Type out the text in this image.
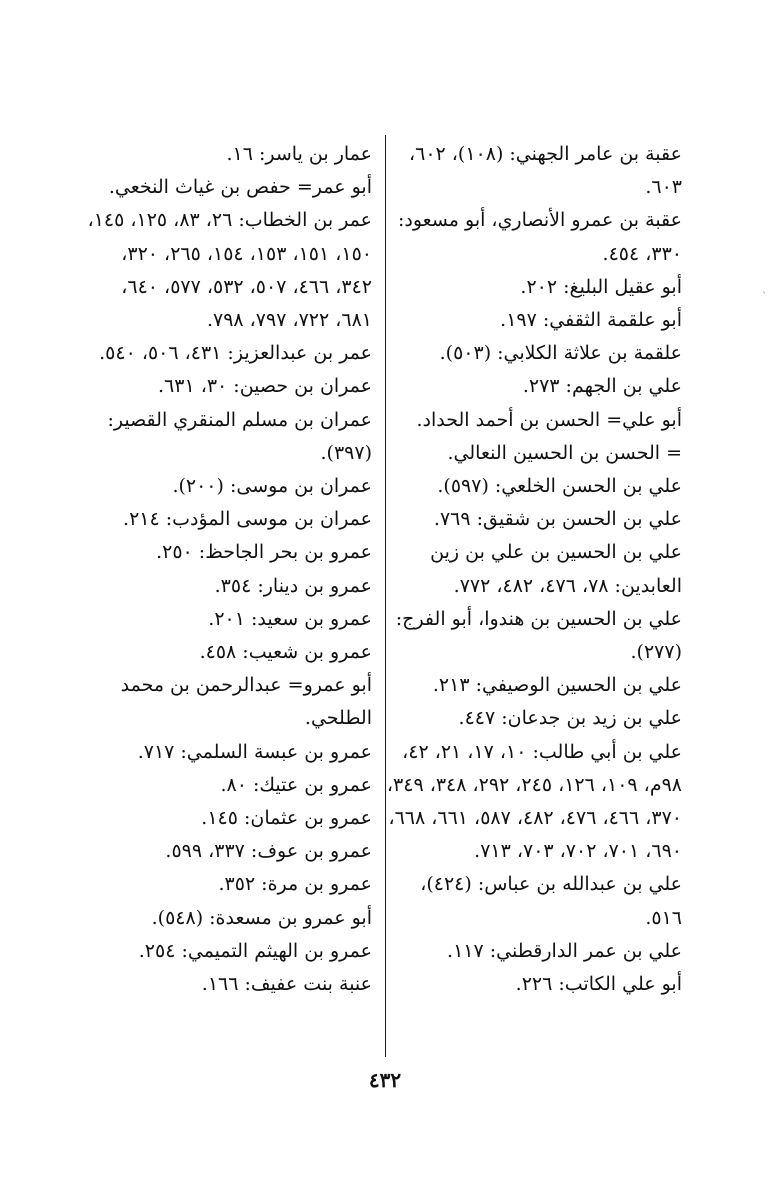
عقبة بن عامر الجهني: (١٠٨)، ٦٠٢، ٦٠٣.
عقبة بن عمرو الأنصاري، أبو مسعود: ٣٣٠، ٤٥٤.
أبو عقيل البليغ: ٢٠٢.
أبو علقمة الثقفي: ١٩٧.
علقمة بن علاثة الكلابي: (٥٠٣).
علي بن الجهم: ٢٧٣.
أبو علي= الحسن بن أحمد الحداد.
= الحسن بن الحسين النعالي.
علي بن الحسن الخلعي: (٥٩٧).
علي بن الحسن بن شقيق: ٧٦٩.
علي بن الحسين بن علي بن زين العابدين: ٧٨، ٤٧٦، ٤٨٢، ٧٧٢.
علي بن الحسين بن هندوا، أبو الفرج: (٢٧٧).
علي بن الحسين الوصيفي: ٢١٣.
علي بن زيد بن جدعان: ٤٤٧.
علي بن أبي طالب: ١٠، ١٧، ٢١، ٤٢، ٩٨م، ١٠٩، ١٢٦، ٢٤٥، ٢٩٢، ٣٤٨، ٣٤٩، ٣٧٠، ٤٦٦، ٤٧٦، ٤٨٢، ٥٨٧، ٦٦١، ٦٦٨، ٦٩٠، ٧٠١، ٧٠٢، ٧٠٣، ٧١٣.
علي بن عبدالله بن عباس: (٤٢٤)، ٥١٦.
علي بن عمر الدارقطني: ١١٧.
أبو علي الكاتب: ٢٢٦.
عمار بن ياسر: ١٦.
أبو عمر= حفص بن غياث النخعي.
عمر بن الخطاب: ٢٦، ٨٣، ١٢٥، ١٤٥، ١٥٠، ١٥١، ١٥٣، ١٥٤، ٢٦٥، ٣٢٠، ٣٤٢، ٤٦٦، ٥٠٧، ٥٣٢، ٥٧٧، ٦٤٠، ٦٨١، ٧٢٢، ٧٩٧، ٧٩٨.
عمر بن عبدالعزيز: ٤٣١، ٥٠٦، ٥٤٠.
عمران بن حصين: ٣٠، ٦٣١.
عمران بن مسلم المنقري القصير: (٣٩٧).
عمران بن موسى: (٢٠٠).
عمران بن موسى المؤدب: ٢١٤.
عمرو بن بحر الجاحظ: ٢٥٠.
عمرو بن دينار: ٣٥٤.
عمرو بن سعيد: ٢٠١.
عمرو بن شعيب: ٤٥٨.
أبو عمرو= عبدالرحمن بن محمد الطلحي.
عمرو بن عبسة السلمي: ٧١٧.
عمرو بن عتيك: ٨٠.
عمرو بن عثمان: ١٤٥.
عمرو بن عوف: ٣٣٧، ٥٩٩.
عمرو بن مرة: ٣٥٢.
أبو عمرو بن مسعدة: (٥٤٨).
عمرو بن الهيثم التميمي: ٢٥٤.
عنبة بنت عفيف: ١٦٦.
٤٣٢
`
